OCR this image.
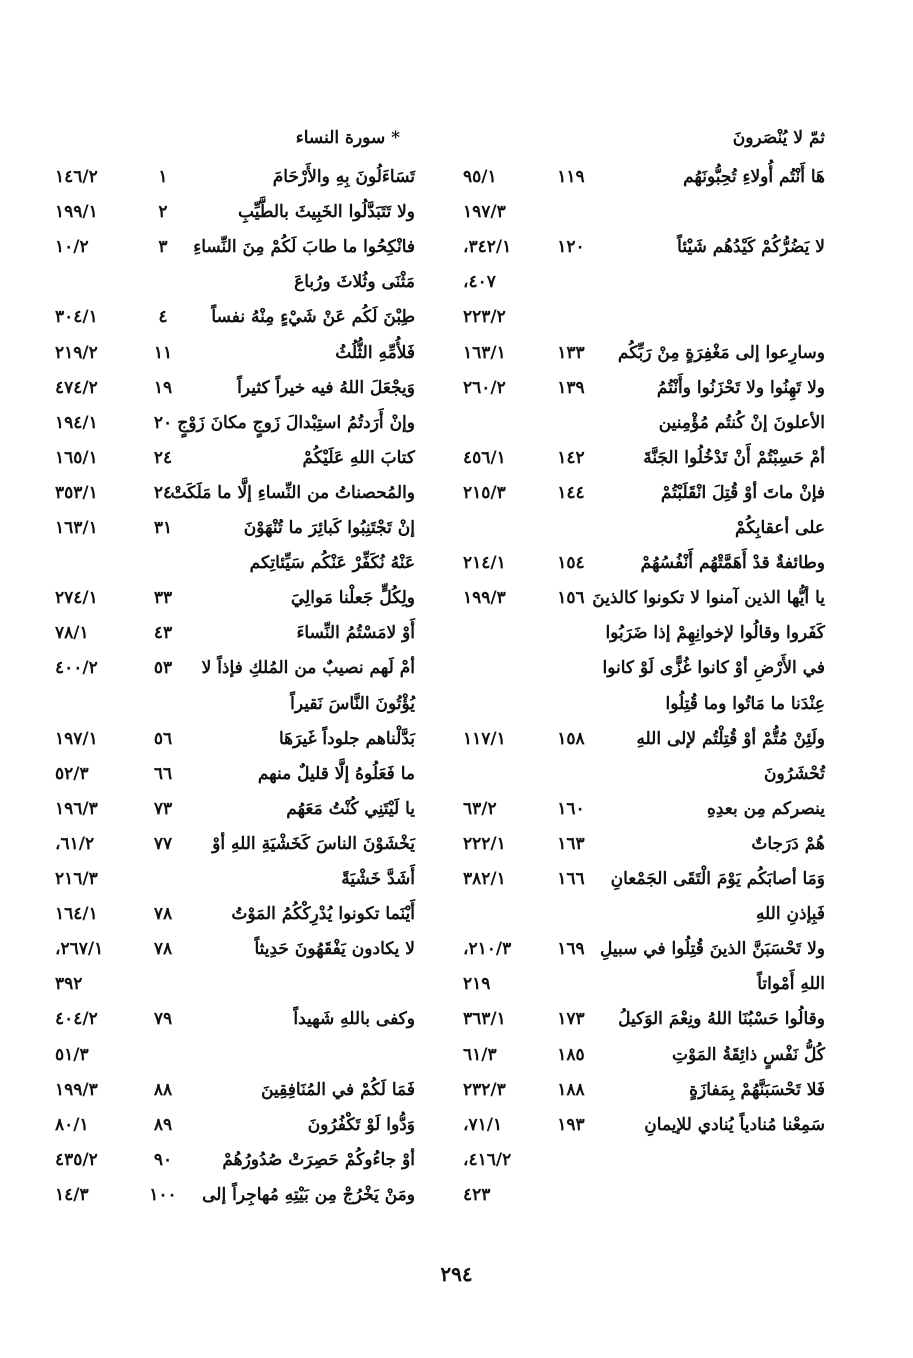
* سورة النساء	ثمّ لا يُنْصَرونَ
تَسَاءَلُونَ بِهِ والأَرْحَامَ
١
١٤٦/٢
ولا تَتَبَدَّلُوا الخَبِيثَ بالطَّيِّبِ
٢
١٩٩/١
فانْكِحُوا ما طابَ لَكُمْ مِنَ النِّساءِ
٣
١٠/٢
مَثْنَى وثُلاثَ ورُباعَ
طِبْنَ لَكُم عَنْ شَيْءٍ مِنْهُ نفساً
٤
٣٠٤/١
فَلأُمِّهِ الثُّلُثُ
١١
٢١٩/٢
وَيجْعَلَ اللهُ فيه خيراً كثيراً
١٩
٤٧٤/٢
وإنْ أَرَدتُمُ استِبْدالَ زَوجٍ مكانَ زَوْجٍ
٢٠
١٩٤/١
كتابَ اللهِ عَلَيْكُمْ
٢٤
١٦٥/١
والمُحصناتُ من النِّساءِ إلَّا ما مَلَكَتْ
٢٤
٣٥٣/١
إنْ تَجْتَنِبُوا كَبائِرَ ما تُنْهَوْنَ
٣١
١٦٣/١
عَنْهُ نُكَفِّرْ عَنْكُم سَيِّئاتِكم
ولِكُلٍّ جَعلْنا مَوالِيَ
٣٣
٢٧٤/١
أَوْ لامَسْتُمُ النِّساءَ
٤٣
٧٨/١
أمْ لَهم نصيبٌ من المُلكِ فإذاً لا
٥٣
٤٠٠/٢
يُؤْتُونَ النَّاسَ نَقيراً
بَدَّلْناهم جلوداً غَيرَهَا
٥٦
١٩٧/١
ما فَعَلُوهُ إلَّا قليلٌ منهم
٦٦
٥٢/٣
يا لَيْتَنِي كُنْتُ مَعَهُم
٧٣
١٩٦/٣
يَخْشَوْنَ الناسَ كَخَشْيَةِ اللهِ أوْ
٧٧
٦١/٢،
أَشَدَّ خَشْيَةً
٢١٦/٣
أَيْنَما تكونوا يُدْرِكْكُمُ المَوْتُ
٧٨
١٦٤/١
لا يكادون يَفْقَهُونَ حَدِيثاً
٧٨
٢٦٧/١،
٣٩٢
وكفى باللهِ شَهيداً
٧٩
٤٠٤/٢
٥١/٣
فَمَا لَكُمْ في المُنَافِقِينَ
٨٨
١٩٩/٣
وَدُّوا لَوْ تَكْفُرُونَ
٨٩
٨٠/١
أوْ جاءُوكُمْ حَصِرَتْ صُدُورُهُمْ
٩٠
٤٣٥/٢
ومَنْ يَخْرُجْ مِن بَيْتِهِ مُهاجِراً إلى
١٠٠
١٤/٣
هَا أَنْتُم أُولاءِ تُحِبُّونَهُم
١١٩
٩٥/١
١٩٧/٣
لا يَضُرُّكُمْ كَيْدُهُم شَيْئاً
١٢٠
٣٤٢/١،
٤٠٧،
٢٢٣/٢
وسارِعوا إلى مَغْفِرَةٍ مِنْ رَبِّكُم
١٣٣
١٦٣/١
ولا تَهِنُوا ولا تَحْزَنُوا وأَنْتُمُ
١٣٩
٢٦٠/٢
الأعلونَ إنْ كُنتُم مُؤْمِنين
أمْ حَسِبْتُمْ أَنْ تَدْخُلُوا الجَنَّةَ
١٤٢
٤٥٦/١
فإنْ ماتَ أوْ قُتِلَ انْقَلَبْتُمْ
١٤٤
٢١٥/٣
على أعقابِكُمْ
وطائفةٌ قدْ أَهَمَّتْهُم أَنْفُسُهُمْ
١٥٤
٢١٤/١
يا أيُّها الذين آمنوا لا تكونوا كالذينَ
١٥٦
١٩٩/٣
كَفَروا وقالُوا لإخوانِهِمْ إذا ضَرَبُوا
في الأَرْضِ أوْ كانوا غُزًّى لَوْ كانوا
عِنْدَنا ما مَاتُوا وما قُتِلُوا
ولَئِنْ مُتُّمْ أوْ قُتِلْتُم لإلى اللهِ
١٥٨
١١٧/١
تُحْشَرُونَ
ينصركم مِن بعدِهِ
١٦٠
٦٣/٢
هُمْ دَرَجاتٌ
١٦٣
٢٢٢/١
وَمَا أصابَكُم يَوْمَ الْتَقَى الجَمْعانِ
١٦٦
٣٨٢/١
فَبِإذنِ اللهِ
ولا تَحْسَبَنَّ الذينَ قُتِلُوا في سبيلِ
١٦٩
٢١٠/٣،
اللهِ أَمْواتاً
٢١٩
وقالُوا حَسْبُنَا اللهُ ونِعْمَ الوَكيلُ
١٧٣
٣٦٣/١
كُلُّ نَفْسٍ ذائِقَةُ المَوْتِ
١٨٥
٦١/٣
فَلا تَحْسَبَنَّهُمْ بِمَفازَةٍ
١٨٨
٢٣٢/٣
سَمِعْنا مُنادياً يُنادي للإيمانِ
١٩٣
٧١/١،
٤١٦/٢،
٤٢٣
٢٩٤
